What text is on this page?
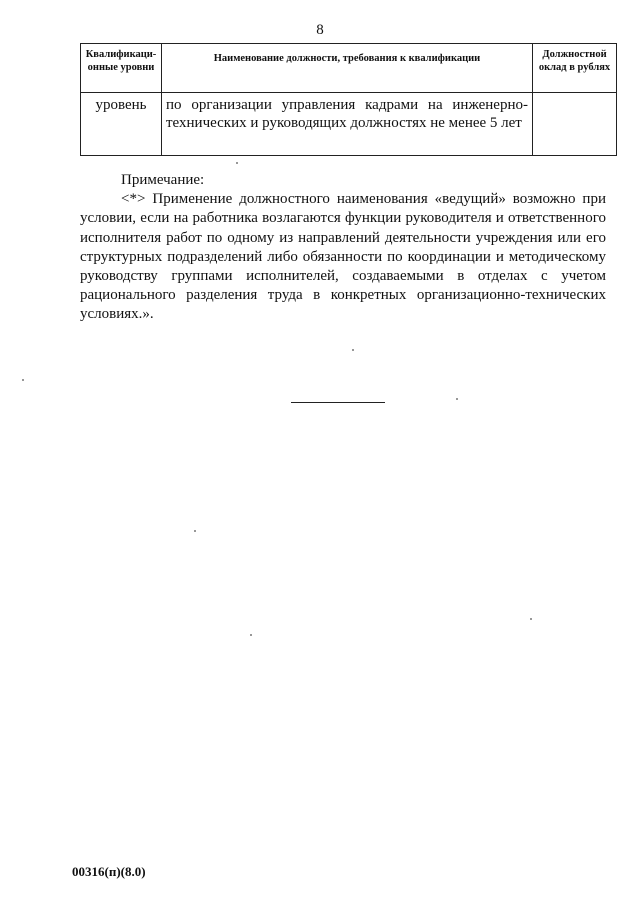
8
Квалификаци-онные уровни	Наименование должности, требования к квалификации	Должностной оклад в рублях
уровень	по организации управления кадрами на инженерно-технических и руководящих должностях не менее 5 лет	

Примечание:

<*> Применение должностного наименования «ведущий» возможно при условии, если на работника возлагаются функции руководителя и ответственного исполнителя работ по одному из направлений деятельности учреждения или его структурных подразделений либо обязанности по координации и методическому руководству группами исполнителей, создаваемыми в отделах с учетом рационального разделения труда в конкретных организационно-технических условиях.».

00316(п)(8.0)
